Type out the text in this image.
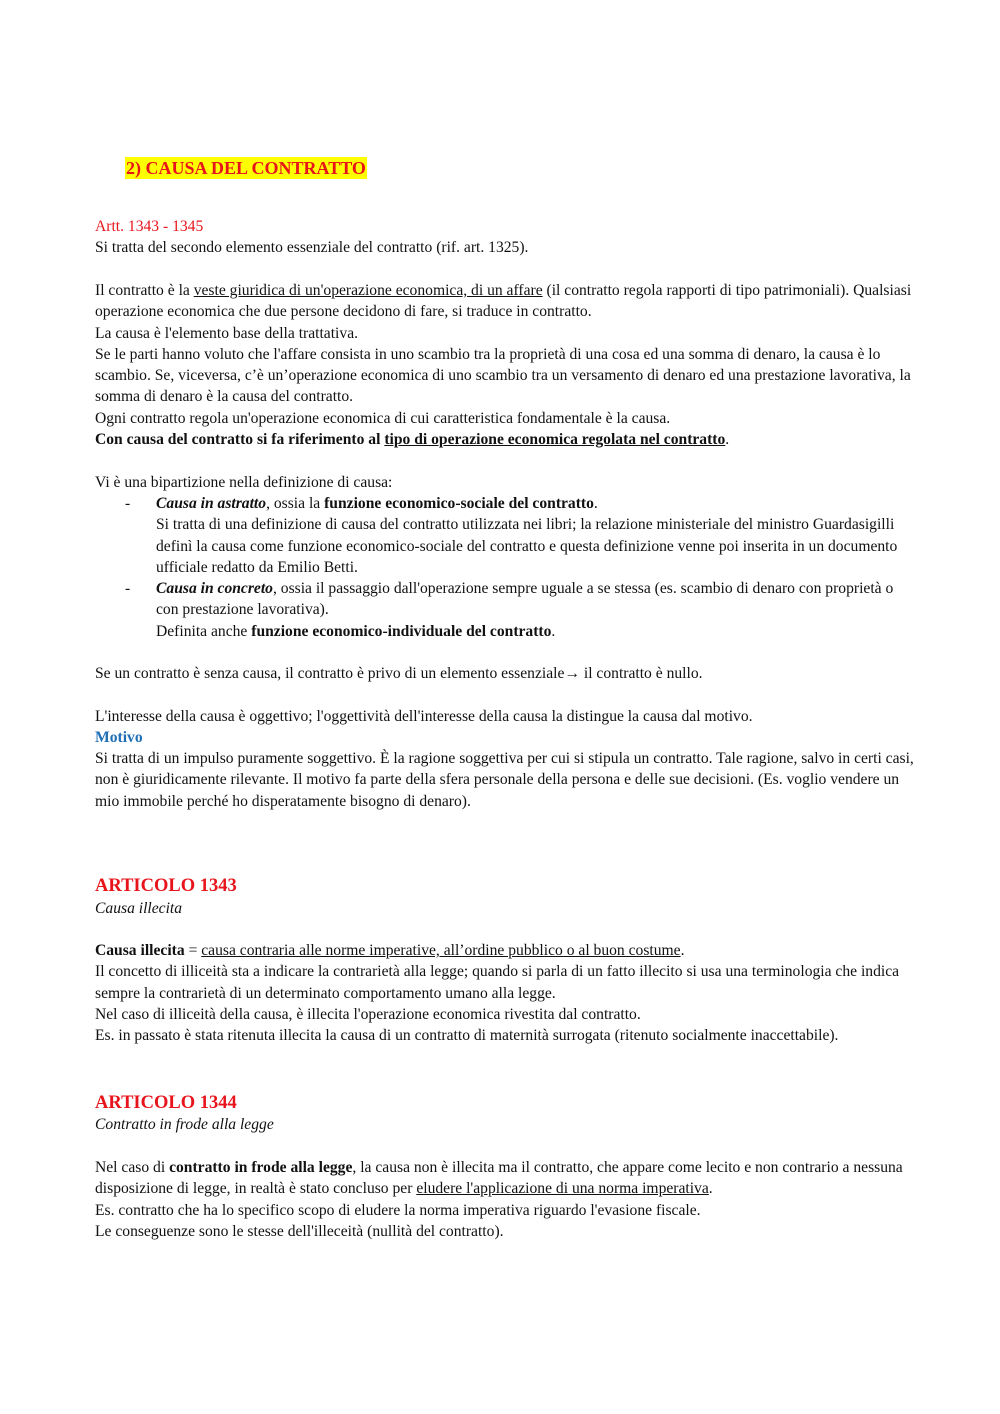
2) CAUSA DEL CONTRATTO
Artt. 1343 - 1345
Si tratta del secondo elemento essenziale del contratto (rif. art. 1325).

Il contratto è la veste giuridica di un'operazione economica, di un affare (il contratto regola rapporti di tipo patrimoniali). Qualsiasi operazione economica che due persone decidono di fare, si traduce in contratto.

La causa è l'elemento base della trattativa.

Se le parti hanno voluto che l'affare consista in uno scambio tra la proprietà di una cosa ed una somma di denaro, la causa è lo scambio. Se, viceversa, c’è un’operazione economica di uno scambio tra un versamento di denaro ed una prestazione lavorativa, la somma di denaro è la causa del contratto.

Ogni contratto regola un'operazione economica di cui caratteristica fondamentale è la causa.

Con causa del contratto si fa riferimento al tipo di operazione economica regolata nel contratto.

Vi è una bipartizione nella definizione di causa:
- Causa in astratto, ossia la funzione economico-sociale del contratto.

Si tratta di una definizione di causa del contratto utilizzata nei libri; la relazione ministeriale del ministro Guardasigilli definì la causa come funzione economico-sociale del contratto e questa definizione venne poi inserita in un documento ufficiale redatto da Emilio Betti.

- Causa in concreto, ossia il passaggio dall'operazione sempre uguale a se stessa (es. scambio di denaro con proprietà o con prestazione lavorativa).

Definita anche funzione economico-individuale del contratto.

Se un contratto è senza causa, il contratto è privo di un elemento essenziale→ il contratto è nullo.
L'interesse della causa è oggettivo; l'oggettività dell'interesse della causa la distingue la causa dal motivo.
Motivo
Si tratta di un impulso puramente soggettivo. È la ragione soggettiva per cui si stipula un contratto. Tale ragione, salvo in certi casi, non è giuridicamente rilevante. Il motivo fa parte della sfera personale della persona e delle sue decisioni. (Es. voglio vendere un mio immobile perché ho disperatamente bisogno di denaro).
ARTICOLO 1343
Causa illecita

Causa illecita = causa contraria alle norme imperative, all’ordine pubblico o al buon costume.

Il concetto di illiceità sta a indicare la contrarietà alla legge; quando si parla di un fatto illecito si usa una terminologia che indica sempre la contrarietà di un determinato comportamento umano alla legge.

Nel caso di illiceità della causa, è illecita l'operazione economica rivestita dal contratto.

Es. in passato è stata ritenuta illecita la causa di un contratto di maternità surrogata (ritenuto socialmente inaccettabile).

ARTICOLO 1344
Contratto in frode alla legge

Nel caso di contratto in frode alla legge, la causa non è illecita ma il contratto, che appare come lecito e non contrario a nessuna disposizione di legge, in realtà è stato concluso per eludere l'applicazione di una norma imperativa.

Es. contratto che ha lo specifico scopo di eludere la norma imperativa riguardo l'evasione fiscale.

Le conseguenze sono le stesse dell'illeceità (nullità del contratto).
